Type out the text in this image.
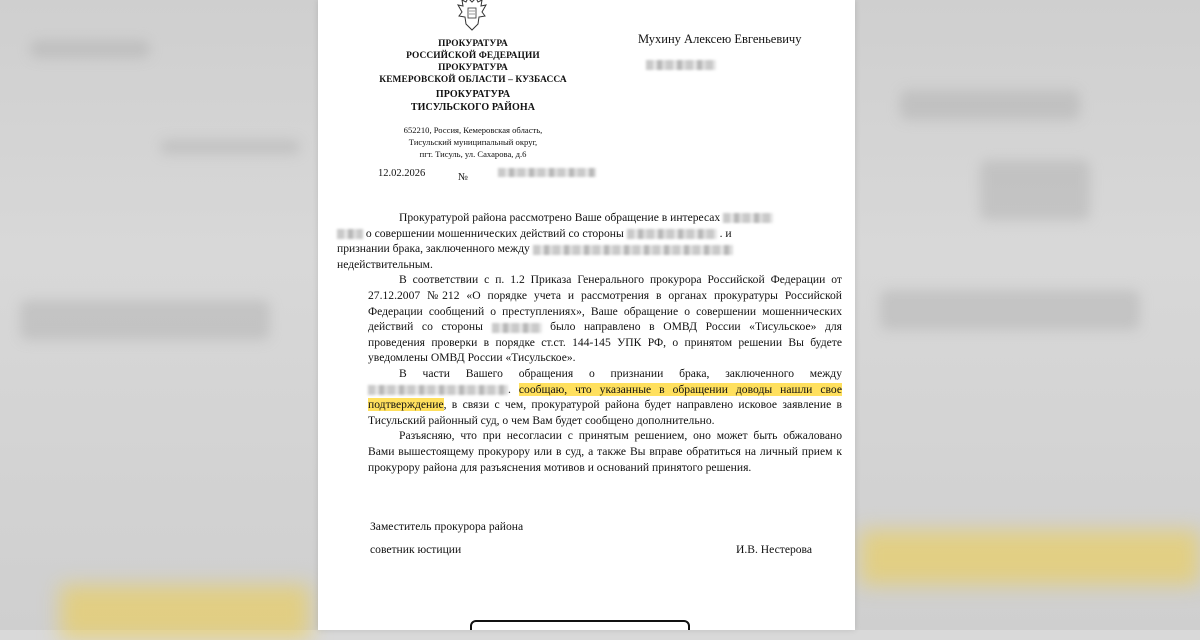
ПРОКУРАТУРА
РОССИЙСКОЙ ФЕДЕРАЦИИ
ПРОКУРАТУРА
КЕМЕРОВСКОЙ ОБЛАСТИ – КУЗБАССА
ПРОКУРАТУРА
ТИСУЛЬСКОГО РАЙОНА
652210, Россия, Кемеровская область,
Тисульский муниципальный округ,
пгт. Тисуль, ул. Сахарова, д.6
12.02.2026	№
Мухину Алексею Евгеньевичу

Прокуратурой района рассмотрено Ваше обращение в интересах
о совершении мошеннических действий со стороны	. и
признании брака, заключенного между
недействительным.

В соответствии с п. 1.2 Приказа Генерального прокурора Российской Федерации от 27.12.2007 №212 «О порядке учета и рассмотрения в органах прокуратуры Российской Федерации сообщений о преступлениях», Ваше обращение о совершении мошеннических действий со стороны	было направлено в ОМВД России «Тисульское» для проведения проверки в порядке ст.ст. 144-145 УПК РФ, о принятом решении Вы будете уведомлены ОМВД России «Тисульское».

В части Вашего обращения о признании брака, заключенного между . сообщаю, что указанные в обращении доводы нашли свое подтверждение, в связи с чем, прокуратурой района будет направлено исковое заявление в Тисульский районный суд, о чем Вам будет сообщено дополнительно.

Разъясняю, что при несогласии с принятым решением, оно может быть обжаловано Вами вышестоящему прокурору или в суд, а также Вы вправе обратиться на личный прием к прокурору района для разъяснения мотивов и оснований принятого решения.

Заместитель прокурора района
советник юстиции	И.В. Нестерова
